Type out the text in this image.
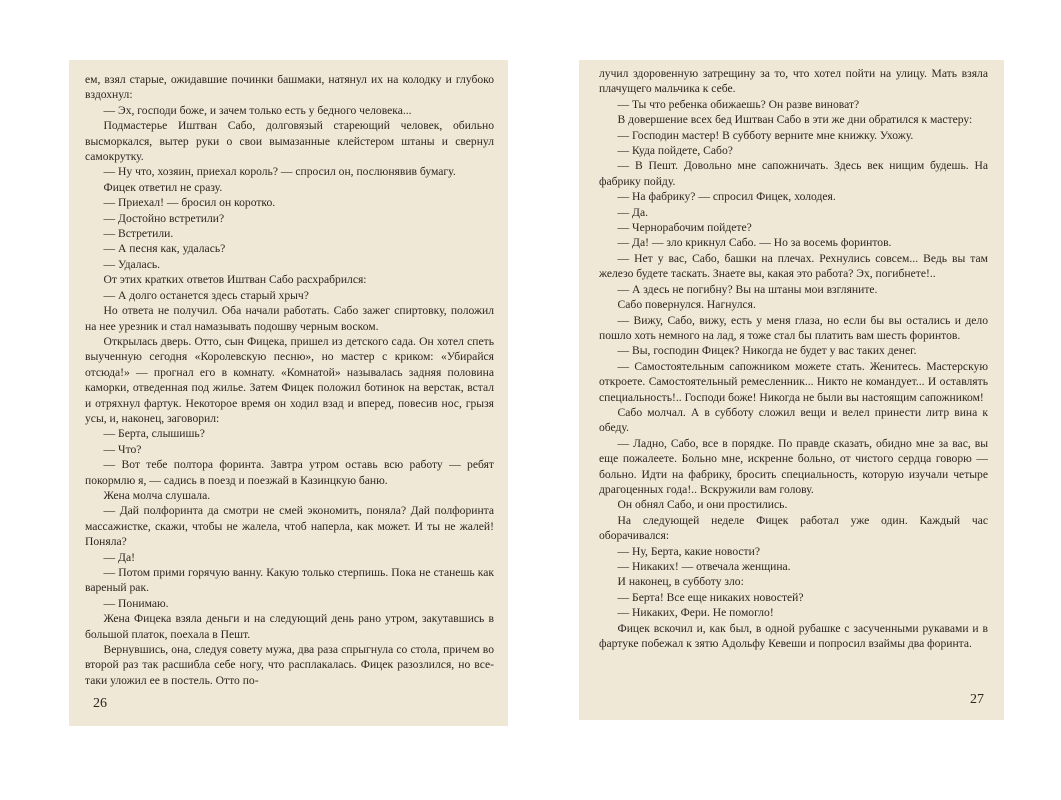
ем, взял старые, ожидавшие починки башмаки, натянул их на колодку и глубоко вздохнул:

— Эх, господи боже, и зачем только есть у бедного человека...

Подмастерье Иштван Сабо, долговязый стареющий человек, обильно высморкался, вытер руки о свои вымазанные клейстером штаны и свернул самокрутку.

— Ну что, хозяин, приехал король? — спросил он, послюнявив бумагу.

Фицек ответил не сразу.

— Приехал! — бросил он коротко.

— Достойно встретили?

— Встретили.

— А песня как, удалась?

— Удалась.

От этих кратких ответов Иштван Сабо расхрабрился:

— А долго останется здесь старый хрыч?

Но ответа не получил. Оба начали работать. Сабо зажег спиртовку, положил на нее урезник и стал намазывать подошву черным воском.

Открылась дверь. Отто, сын Фицека, пришел из детского сада. Он хотел спеть выученную сегодня «Королевскую песню», но мастер с криком: «Убирайся отсюда!» — прогнал его в комнату. «Комнатой» называлась задняя половина каморки, отведенная под жилье. Затем Фицек положил ботинок на верстак, встал и отряхнул фартук. Некоторое время он ходил взад и вперед, повесив нос, грызя усы, и, наконец, заговорил:

— Берта, слышишь?

— Что?

— Вот тебе полтора форинта. Завтра утром оставь всю работу — ребят покормлю я, — садись в поезд и поезжай в Казинцкую баню.

Жена молча слушала.

— Дай полфоринта да смотри не смей экономить, поняла? Дай полфоринта массажистке, скажи, чтобы не жалела, чтоб наперла, как может. И ты не жалей! Поняла?

— Да!

— Потом прими горячую ванну. Какую только стерпишь. Пока не станешь как вареный рак.

— Понимаю.

Жена Фицека взяла деньги и на следующий день рано утром, закутавшись в большой платок, поехала в Пешт.

Вернувшись, она, следуя совету мужа, два раза спрыгнула со стола, причем во второй раз так расшибла себе ногу, что расплакалась. Фицек разозлился, но все-таки уложил ее в постель. Отто по-

26

лучил здоровенную затрещину за то, что хотел пойти на улицу. Мать взяла плачущего мальчика к себе.

— Ты что ребенка обижаешь? Он разве виноват?

В довершение всех бед Иштван Сабо в эти же дни обратился к мастеру:

— Господин мастер! В субботу верните мне книжку. Ухожу.

— Куда пойдете, Сабо?

— В Пешт. Довольно мне сапожничать. Здесь век нищим будешь. На фабрику пойду.

— На фабрику? — спросил Фицек, холодея.

— Да.

— Чернорабочим пойдете?

— Да! — зло крикнул Сабо. — Но за восемь форинтов.

— Нет у вас, Сабо, башки на плечах. Рехнулись совсем... Ведь вы там железо будете таскать. Знаете вы, какая это работа? Эх, погибнете!..

— А здесь не погибну? Вы на штаны мои взгляните.

Сабо повернулся. Нагнулся.

— Вижу, Сабо, вижу, есть у меня глаза, но если бы вы остались и дело пошло хоть немного на лад, я тоже стал бы платить вам шесть форинтов.

— Вы, господин Фицек? Никогда не будет у вас таких денег.

— Самостоятельным сапожником можете стать. Женитесь. Мастерскую откроете. Самостоятельный ремесленник... Никто не командует... И оставлять специальность!.. Господи боже! Никогда не были вы настоящим сапожником!

Сабо молчал. А в субботу сложил вещи и велел принести литр вина к обеду.

— Ладно, Сабо, все в порядке. По правде сказать, обидно мне за вас, вы еще пожалеете. Больно мне, искренне больно, от чистого сердца говорю — больно. Идти на фабрику, бросить специальность, которую изучали четыре драгоценных года!.. Вскружили вам голову.

Он обнял Сабо, и они простились.

На следующей неделе Фицек работал уже один. Каждый час оборачивался:

— Ну, Берта, какие новости?

— Никаких! — отвечала женщина.

И наконец, в субботу зло:

— Берта! Все еще никаких новостей?

— Никаких, Фери. Не помогло!

Фицек вскочил и, как был, в одной рубашке с засученными рукавами и в фартуке побежал к зятю Адольфу Кевеши и попросил взаймы два форинта.

27
